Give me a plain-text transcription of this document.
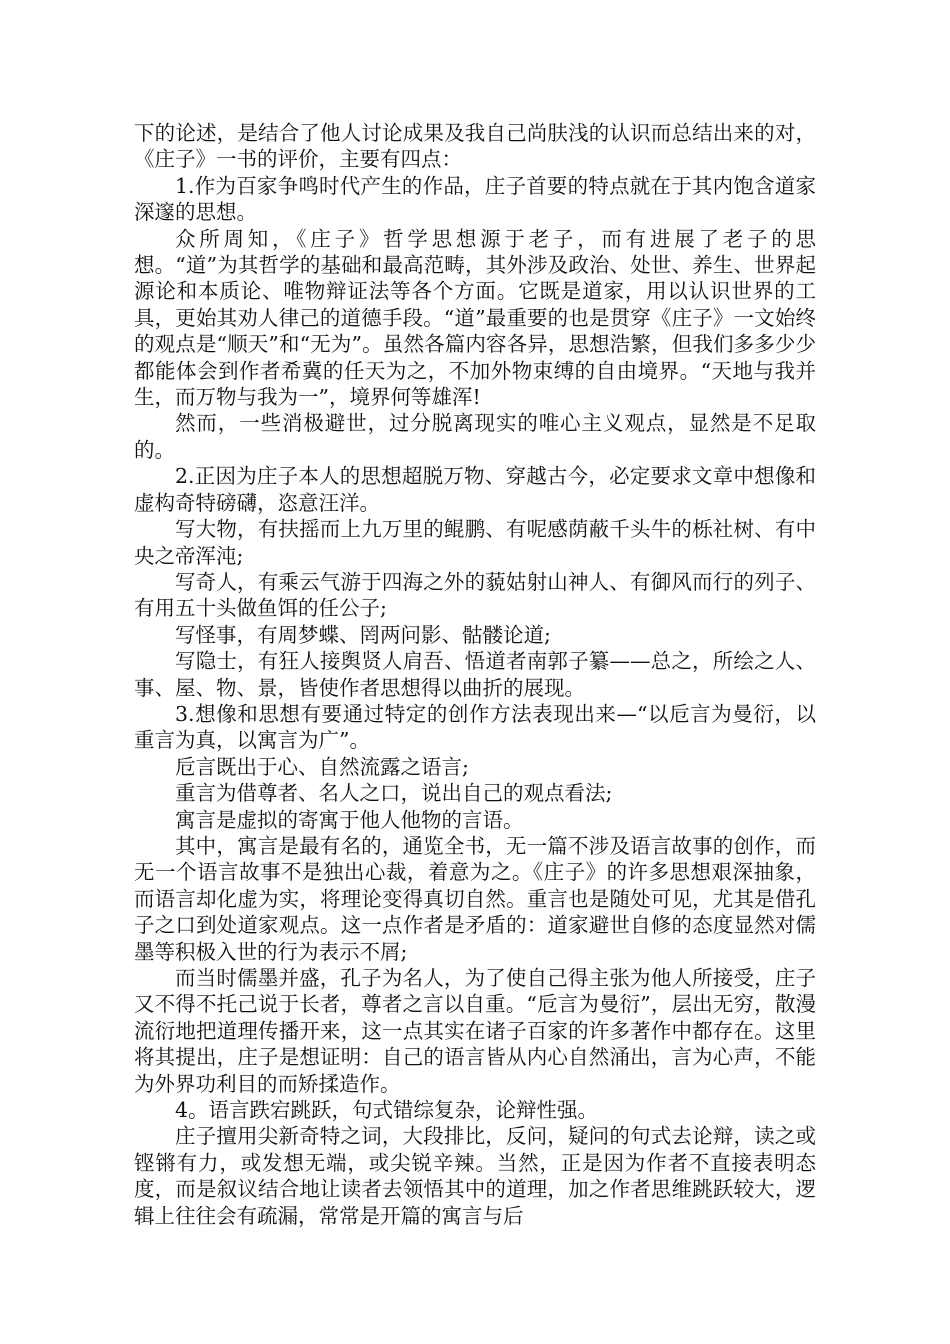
下的论述，是结合了他人讨论成果及我自己尚肤浅的认识而总结出来的对，《庄子》一书的评价，主要有四点：

1.作为百家争鸣时代产生的作品，庄子首要的特点就在于其内饱含道家深邃的思想。

众所周知，《庄子》哲学思想源于老子，而有进展了老子的思想。“道”为其哲学的基础和最高范畴，其外涉及政治、处世、养生、世界起源论和本质论、唯物辩证法等各个方面。它既是道家，用以认识世界的工具，更始其劝人律己的道德手段。“道”最重要的也是贯穿《庄子》一文始终的观点是“顺天”和“无为”。虽然各篇内容各异，思想浩繁，但我们多多少少都能体会到作者希冀的任天为之，不加外物束缚的自由境界。“天地与我并生，而万物与我为一”，境界何等雄浑!

然而，一些消极避世，过分脱离现实的唯心主义观点，显然是不足取的。

2.正因为庄子本人的思想超脱万物、穿越古今，必定要求文章中想像和虚构奇特磅礴，恣意汪洋。

写大物，有扶摇而上九万里的鲲鹏、有呢感荫蔽千头牛的栎社树、有中央之帝浑沌;

写奇人，有乘云气游于四海之外的藐姑射山神人、有御风而行的列子、有用五十头做鱼饵的任公子;

写怪事，有周梦蝶、罔两问影、骷髅论道;

写隐士，有狂人接舆贤人肩吾、悟道者南郭子纂——总之，所绘之人、事、屋、物、景，皆使作者思想得以曲折的展现。

3.想像和思想有要通过特定的创作方法表现出来—“以卮言为曼衍，以重言为真，以寓言为广”。

卮言既出于心、自然流露之语言;

重言为借尊者、名人之口，说出自己的观点看法;

寓言是虚拟的寄寓于他人他物的言语。

其中，寓言是最有名的，通览全书，无一篇不涉及语言故事的创作，而无一个语言故事不是独出心裁，着意为之。《庄子》的许多思想艰深抽象，而语言却化虚为实，将理论变得真切自然。重言也是随处可见，尤其是借孔子之口到处道家观点。这一点作者是矛盾的：道家避世自修的态度显然对儒墨等积极入世的行为表示不屑;

而当时儒墨并盛，孔子为名人，为了使自己得主张为他人所接受，庄子又不得不托己说于长者，尊者之言以自重。“卮言为曼衍”，层出无穷，散漫流衍地把道理传播开来，这一点其实在诸子百家的许多著作中都存在。这里将其提出，庄子是想证明：自己的语言皆从内心自然涌出，言为心声，不能为外界功利目的而矫揉造作。

4。语言跌宕跳跃，句式错综复杂，论辩性强。

庄子擅用尖新奇特之词，大段排比，反问，疑问的句式去论辩，读之或铿锵有力，或发想无端，或尖锐辛辣。当然，正是因为作者不直接表明态度，而是叙议结合地让读者去领悟其中的道理，加之作者思维跳跃较大，逻辑上往往会有疏漏，常常是开篇的寓言与后
